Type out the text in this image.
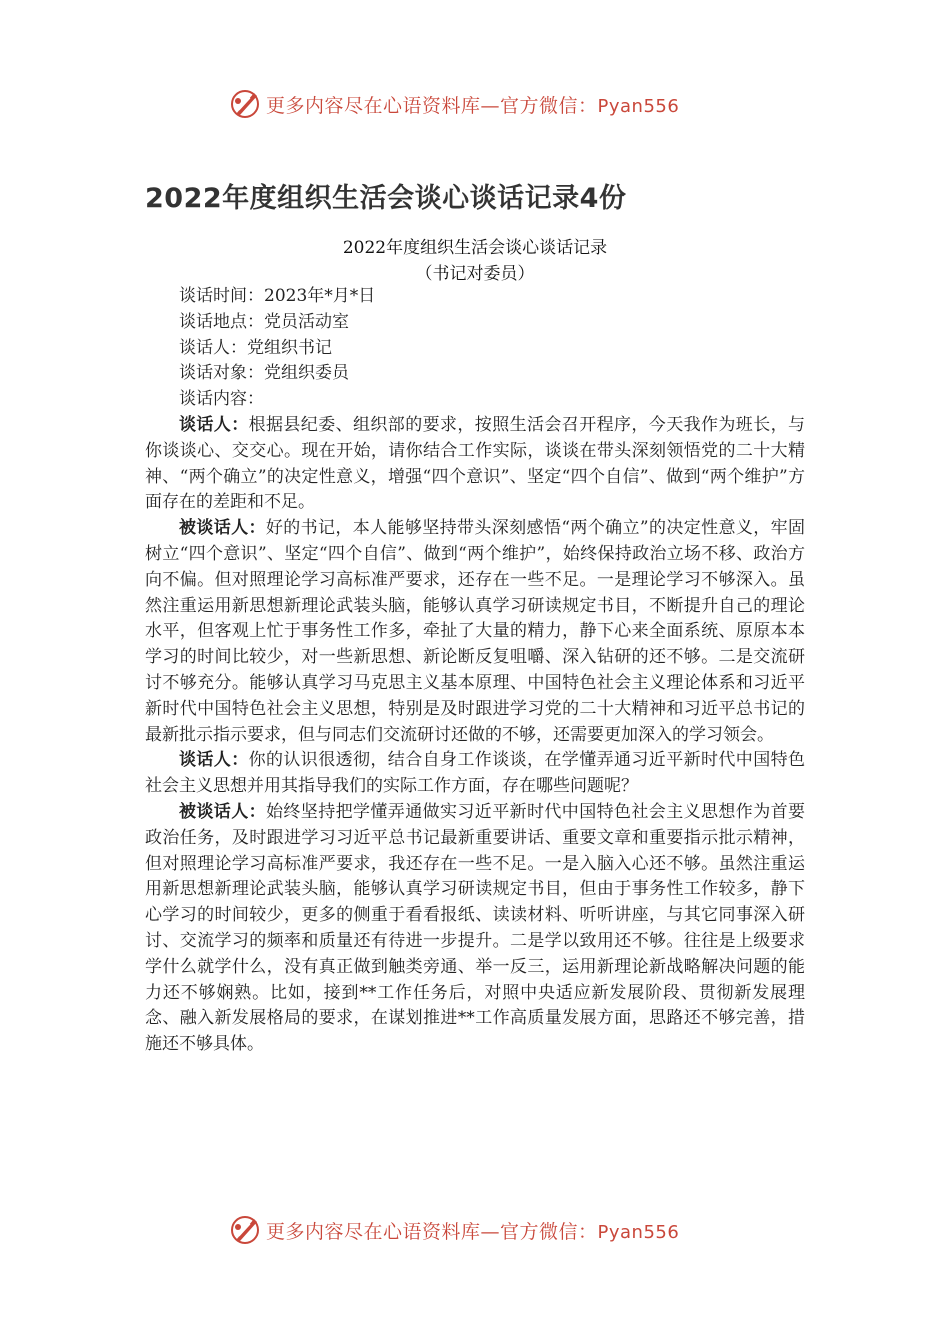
更多内容尽在心语资料库—官方微信：Pyan556
2022年度组织生活会谈心谈话记录4份

2022年度组织生活会谈心谈话记录

（书记对委员）

谈话时间：2023年*月*日

谈话地点：党员活动室

谈话人：党组织书记

谈话对象：党组织委员

谈话内容：

谈话人：根据县纪委、组织部的要求，按照生活会召开程序，今天我作为班长，与你谈谈心、交交心。现在开始，请你结合工作实际，谈谈在带头深刻领悟党的二十大精神、“两个确立”的决定性意义，增强“四个意识”、坚定“四个自信”、做到“两个维护”方面存在的差距和不足。

被谈话人：好的书记，本人能够坚持带头深刻感悟“两个确立”的决定性意义，牢固树立“四个意识”、坚定“四个自信”、做到“两个维护”，始终保持政治立场不移、政治方向不偏。但对照理论学习高标准严要求，还存在一些不足。一是理论学习不够深入。虽然注重运用新思想新理论武装头脑，能够认真学习研读规定书目，不断提升自己的理论水平，但客观上忙于事务性工作多，牵扯了大量的精力，静下心来全面系统、原原本本学习的时间比较少，对一些新思想、新论断反复咀嚼、深入钻研的还不够。二是交流研讨不够充分。能够认真学习马克思主义基本原理、中国特色社会主义理论体系和习近平新时代中国特色社会主义思想，特别是及时跟进学习党的二十大精神和习近平总书记的最新批示指示要求，但与同志们交流研讨还做的不够，还需要更加深入的学习领会。

谈话人：你的认识很透彻，结合自身工作谈谈，在学懂弄通习近平新时代中国特色社会主义思想并用其指导我们的实际工作方面，存在哪些问题呢？

被谈话人：始终坚持把学懂弄通做实习近平新时代中国特色社会主义思想作为首要政治任务，及时跟进学习习近平总书记最新重要讲话、重要文章和重要指示批示精神，但对照理论学习高标准严要求，我还存在一些不足。一是入脑入心还不够。虽然注重运用新思想新理论武装头脑，能够认真学习研读规定书目，但由于事务性工作较多，静下心学习的时间较少，更多的侧重于看看报纸、读读材料、听听讲座，与其它同事深入研讨、交流学习的频率和质量还有待进一步提升。二是学以致用还不够。往往是上级要求学什么就学什么，没有真正做到触类旁通、举一反三，运用新理论新战略解决问题的能力还不够娴熟。比如，接到**工作任务后，对照中央适应新发展阶段、贯彻新发展理念、融入新发展格局的要求，在谋划推进**工作高质量发展方面，思路还不够完善，措施还不够具体。

更多内容尽在心语资料库—官方微信：Pyan556
